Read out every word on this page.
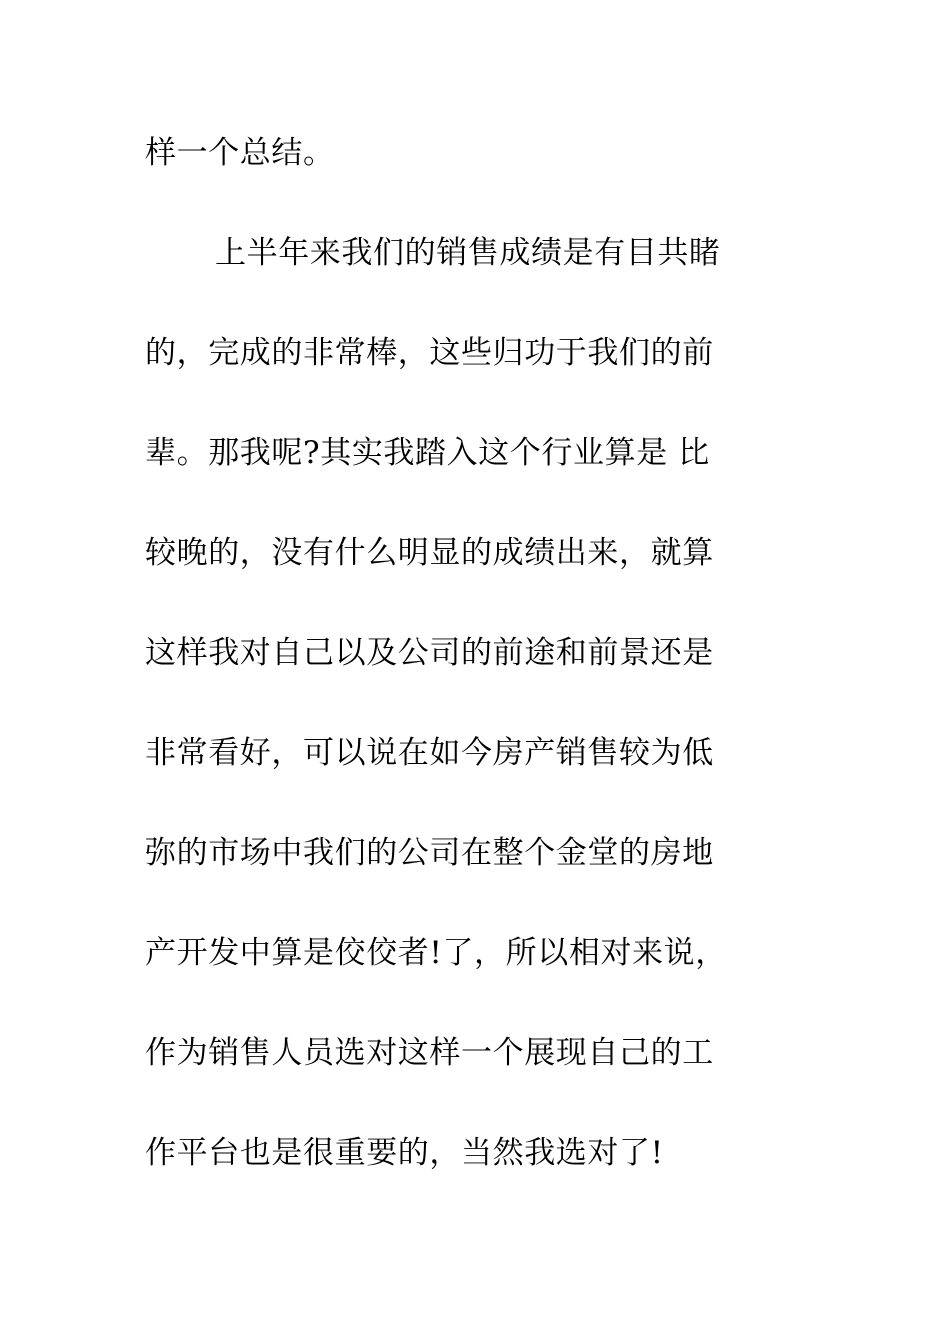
样一个总结。
上半年来我们的销售成绩是有目共睹
的，完成的非常棒，这些归功于我们的前
辈。那我呢?其实我踏入这个行业算是 比
较晚的，没有什么明显的成绩出来，就算
这样我对自己以及公司的前途和前景还是
非常看好，可以说在如今房产销售较为低
弥的市场中我们的公司在整个金堂的房地
产开发中算是佼佼者!了，所以相对来说，
作为销售人员选对这样一个展现自己的工
作平台也是很重要的，当然我选对了!
